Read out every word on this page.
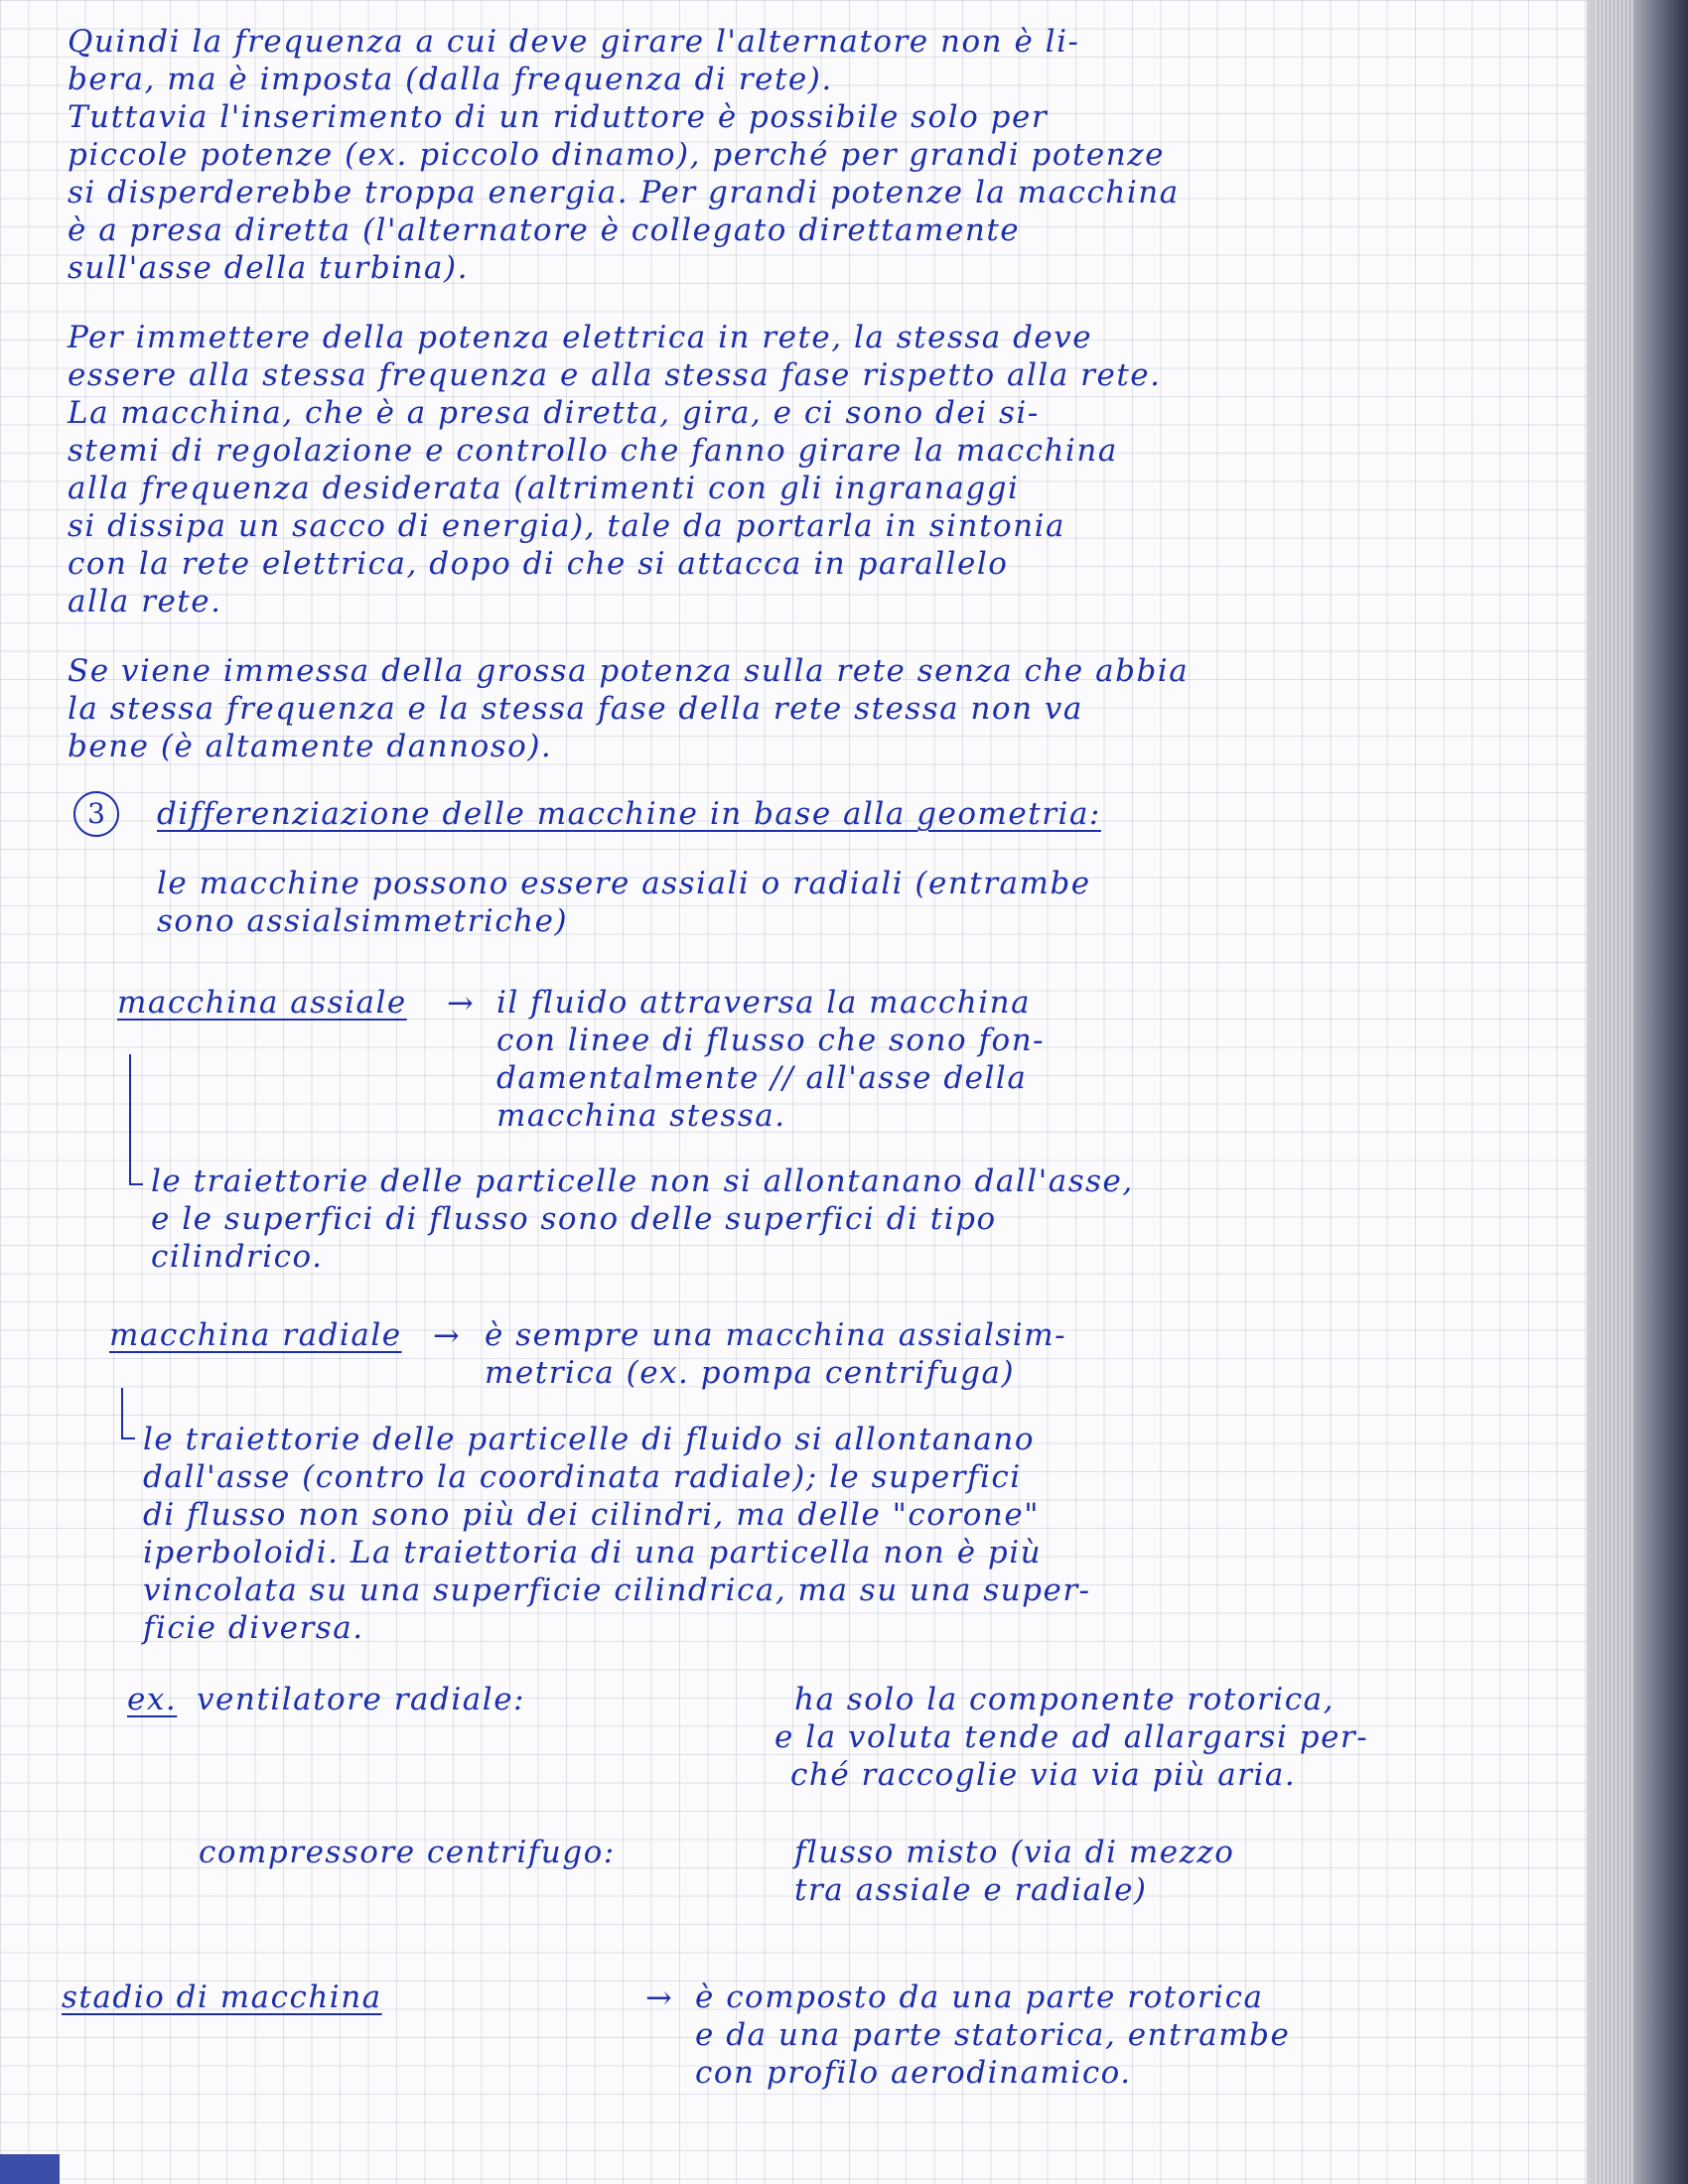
Quindi la frequenza a cui deve girare l'alternatore non è li-
bera, ma è imposta (dalla frequenza di rete).
Tuttavia l'inserimento di un riduttore è possibile solo per
piccole potenze (ex. piccolo dinamo), perché per grandi potenze
si disperderebbe troppa energia. Per grandi potenze la macchina
è a presa diretta (l'alternatore è collegato direttamente
sull'asse della turbina).
Per immettere della potenza elettrica in rete, la stessa deve
essere alla stessa frequenza e alla stessa fase rispetto alla rete.
La macchina, che è a presa diretta, gira, e ci sono dei si-
stemi di regolazione e controllo che fanno girare la macchina
alla frequenza desiderata (altrimenti con gli ingranaggi
si dissipa un sacco di energia), tale da portarla in sintonia
con la rete elettrica, dopo di che si attacca in parallelo
alla rete.
Se viene immessa della grossa potenza sulla rete senza che abbia
la stessa frequenza e la stessa fase della rete stessa non va
bene (è altamente dannoso).
3	differenziazione delle macchine in base alla geometria:
le macchine possono essere assiali o radiali (entrambe
sono assialsimmetriche)
macchina assiale → il fluido attraversa la macchina
con linee di flusso che sono fon-
damentalmente // all'asse della
macchina stessa.
le traiettorie delle particelle non si allontanano dall'asse,
e le superfici di flusso sono delle superfici di tipo
cilindrico.
macchina radiale → è sempre una macchina assialsim-
metrica (ex. pompa centrifuga)
le traiettorie delle particelle di fluido si allontanano
dall'asse (contro la coordinata radiale); le superfici
di flusso non sono più dei cilindri, ma delle "corone"
iperboloidi. La traiettoria di una particella non è più
vincolata su una superficie cilindrica, ma su una super-
ficie diversa.
ex. ventilatore radiale:	ha solo la componente rotorica,
e la voluta tende ad allargarsi per-
ché raccoglie via via più aria.
compressore centrifugo:	flusso misto (via di mezzo
tra assiale e radiale)
stadio di macchina	→ è composto da una parte rotorica
e da una parte statorica, entrambe
con profilo aerodinamico.
